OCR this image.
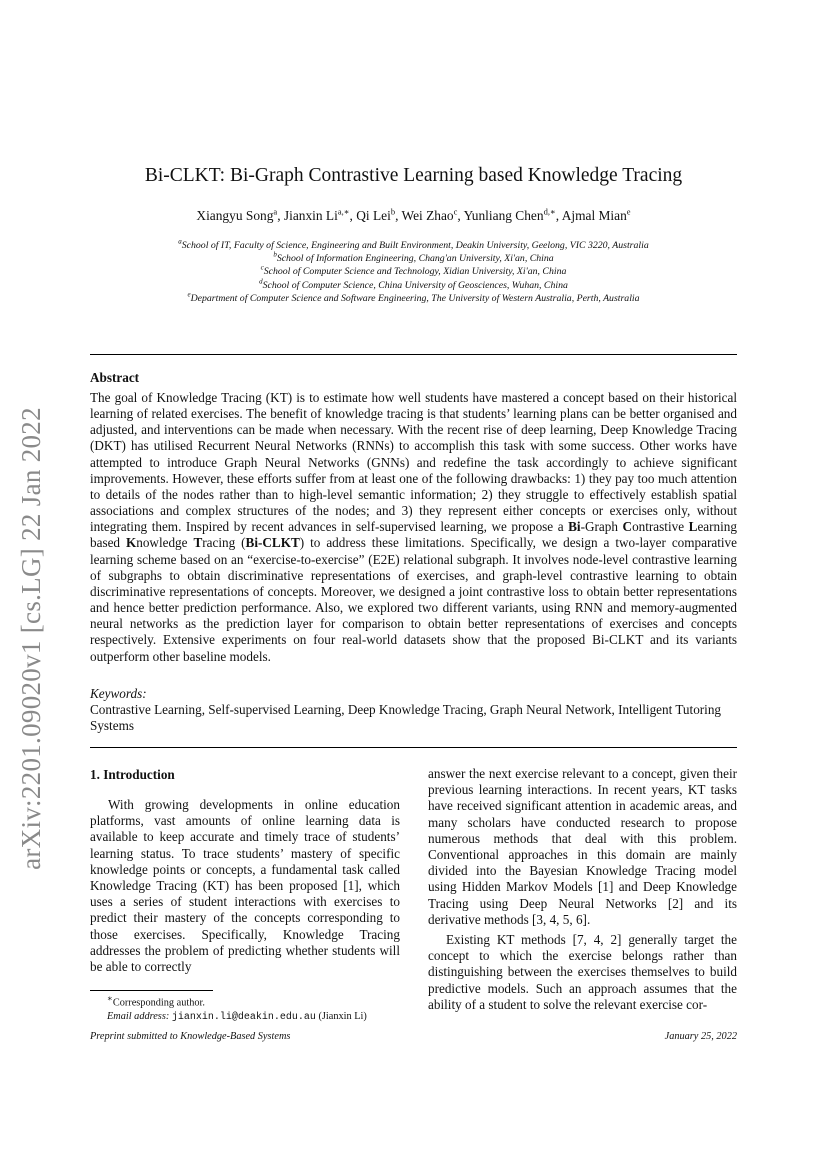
arXiv:2201.09020v1 [cs.LG] 22 Jan 2022
Bi-CLKT: Bi-Graph Contrastive Learning based Knowledge Tracing
Xiangyu Song$^a$, Jianxin $Li^{a,∗}$, Qi Lei$^b$, Wei Zhao$^c$, Yunliang Chen$^{d,∗}$, Ajmal Mian$^e$
$^a$School of IT, Faculty of Science, Engineering and Built Environment, Deakin University, Geelong, VIC 3220, Australia
$^b$School of Information Engineering, Chang'an University, Xi'an, China
$^c$School of Computer Science and Technology, Xidian University, Xi'an, China
$^d$School of Computer Science, China University of Geosciences, Wuhan, China
$^e$Department of Computer Science and Software Engineering, The University of Western Australia, Perth, Australia
Abstract

The goal of Knowledge Tracing (KT) is to estimate how well students have mastered a concept based on their historical learning of related exercises. The benefit of knowledge tracing is that students’ learning plans can be better organised and adjusted, and interventions can be made when necessary. With the recent rise of deep learning, Deep Knowledge Tracing (DKT) has utilised Recurrent Neural Networks (RNNs) to accomplish this task with some success. Other works have attempted to introduce Graph Neural Networks (GNNs) and redefine the task accordingly to achieve significant improvements. However, these efforts suffer from at least one of the following drawbacks: 1) they pay too much attention to details of the nodes rather than to high-level semantic information; 2) they struggle to effectively establish spatial associations and complex structures of the nodes; and 3) they represent either concepts or exercises only, without integrating them. Inspired by recent advances in self-supervised learning, we propose a Bi-Graph Contrastive Learning based Knowledge Tracing (Bi-CLKT) to address these limitations. Specifically, we design a two-layer comparative learning scheme based on an “exercise-to-exercise” (E2E) relational subgraph. It involves node-level contrastive learning of subgraphs to obtain discriminative representations of exercises, and graph-level contrastive learning to obtain discriminative representations of concepts. Moreover, we designed a joint contrastive loss to obtain better representations and hence better prediction performance. Also, we explored two different variants, using RNN and memory-augmented neural networks as the prediction layer for comparison to obtain better representations of exercises and concepts respectively. Extensive experiments on four real-world datasets show that the proposed Bi-CLKT and its variants outperform other baseline models.

Keywords:
Contrastive Learning, Self-supervised Learning, Deep Knowledge Tracing, Graph Neural Network, Intelligent Tutoring Systems
1. Introduction

With growing developments in online education platforms, vast amounts of online learning data is available to keep accurate and timely trace of students’ learning status. To trace students’ mastery of specific knowledge points or concepts, a fundamental task called Knowledge Tracing (KT) has been proposed [1], which uses a series of student interactions with exercises to predict their mastery of the concepts corresponding to those exercises. Specifically, Knowledge Tracing addresses the problem of predicting whether students will be able to correctly

answer the next exercise relevant to a concept, given their previous learning interactions. In recent years, KT tasks have received significant attention in academic areas, and many scholars have conducted research to propose numerous methods that deal with this problem. Conventional approaches in this domain are mainly divided into the Bayesian Knowledge Tracing model using Hidden Markov Models [1] and Deep Knowledge Tracing using Deep Neural Networks [2] and its derivative methods [3, 4, 5, 6].

Existing KT methods [7, 4, 2] generally target the concept to which the exercise belongs rather than distinguishing between the exercises themselves to build predictive models. Such an approach assumes that the ability of a student to solve the relevant exercise cor-

∗Corresponding author.
Email address: jianxin.li@deakin.edu.au (Jianxin Li)
Preprint submitted to Knowledge-Based Systems	January 25, 2022
